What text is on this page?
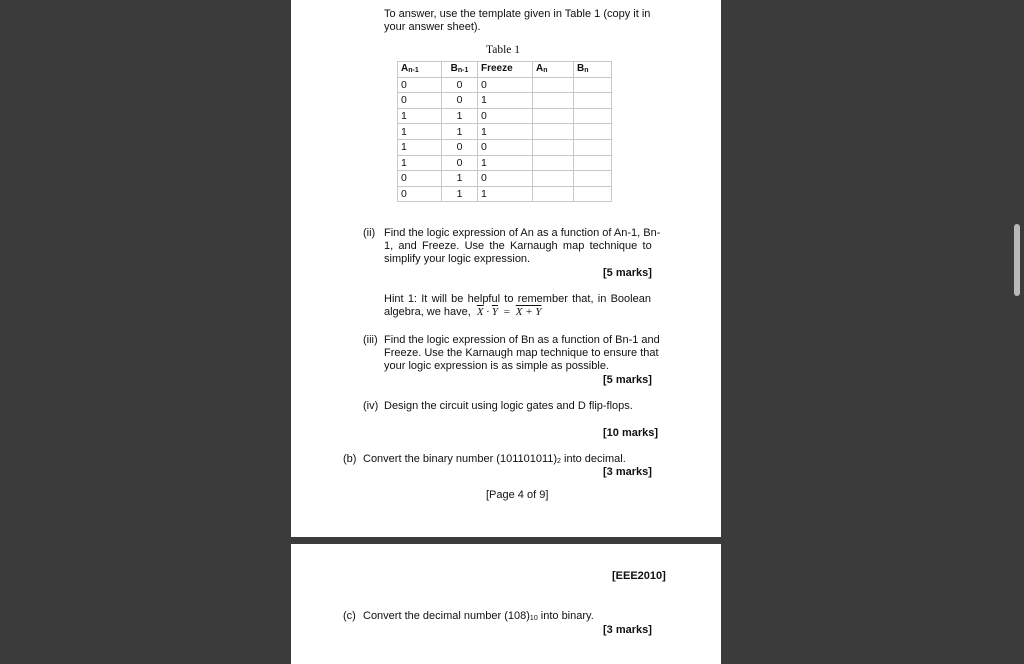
To answer, use the template given in Table 1 (copy it in
your answer sheet).
Table 1
$A_{n-1}$	$B_{n-1}$	Freeze	$A_n$	$B_n$
0	0	0		
0	0	1		
1	1	0		
1	1	1		
1	0	0		
1	0	1		
0	1	0		
0	1	1		
(ii) Find the logic expression of An as a function of An-1, Bn-
1, and Freeze. Use the Karnaugh map technique to
simplify your logic expression.
[5 marks]
Hint 1: It will be helpful to remember that, in Boolean
algebra, we have, $\overline{X} \cdot \overline{Y} = X + Y$
(iii) Find the logic expression of Bn as a function of Bn-1 and
Freeze. Use the Karnaugh map technique to ensure that
your logic expression is as simple as possible.
[5 marks]
(iv) Design the circuit using logic gates and D flip-flops.
[10 marks]
(b) Convert the binary number $(101101011)_2$ into decimal.
[3 marks]
[Page 4 of 9]
[EEE2010]
(c) Convert the decimal number $(108)_{10}$ into binary.
[3 marks]
